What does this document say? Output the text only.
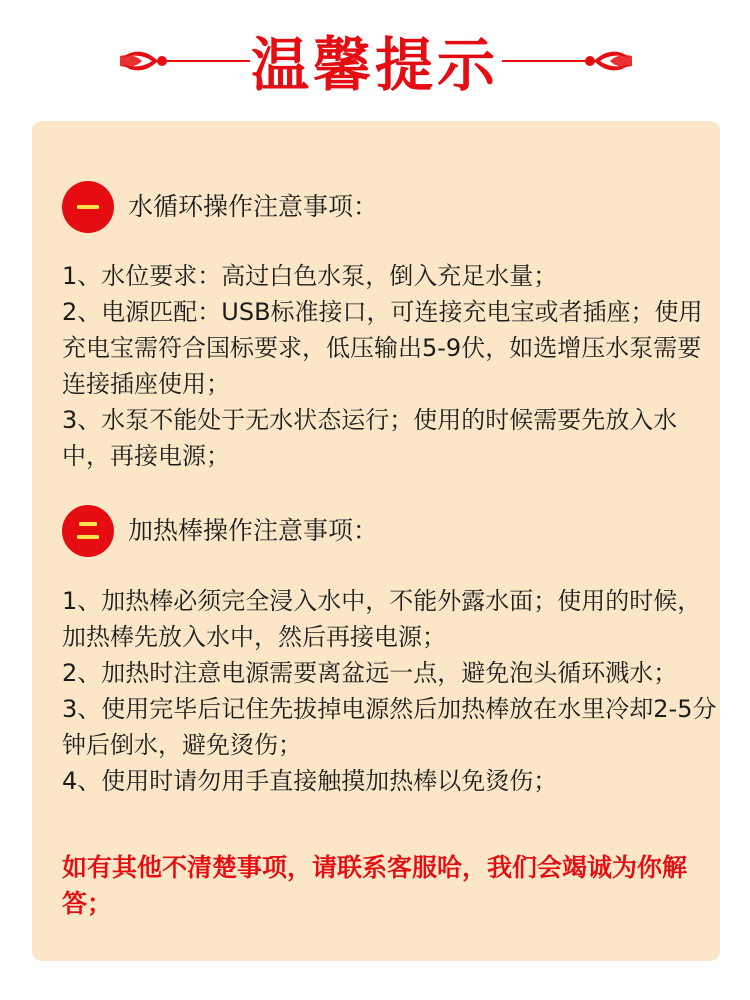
温馨提示
水循环操作注意事项：

1、水位要求：高过白色水泵，倒入充足水量；

2、电源匹配：USB标准接口，可连接充电宝或者插座；使用充电宝需符合国标要求，低压输出5-9伏，如选增压水泵需要连接插座使用；

3、水泵不能处于无水状态运行；使用的时候需要先放入水中，再接电源；

加热棒操作注意事项：

1、加热棒必须完全浸入水中，不能外露水面；使用的时候，加热棒先放入水中，然后再接电源；

2、加热时注意电源需要离盆远一点，避免泡头循环溅水；

3、使用完毕后记住先拔掉电源然后加热棒放在水里冷却2-5分钟后倒水，避免烫伤；

4、使用时请勿用手直接触摸加热棒以免烫伤；

如有其他不清楚事项，请联系客服哈，我们会竭诚为你解答；
